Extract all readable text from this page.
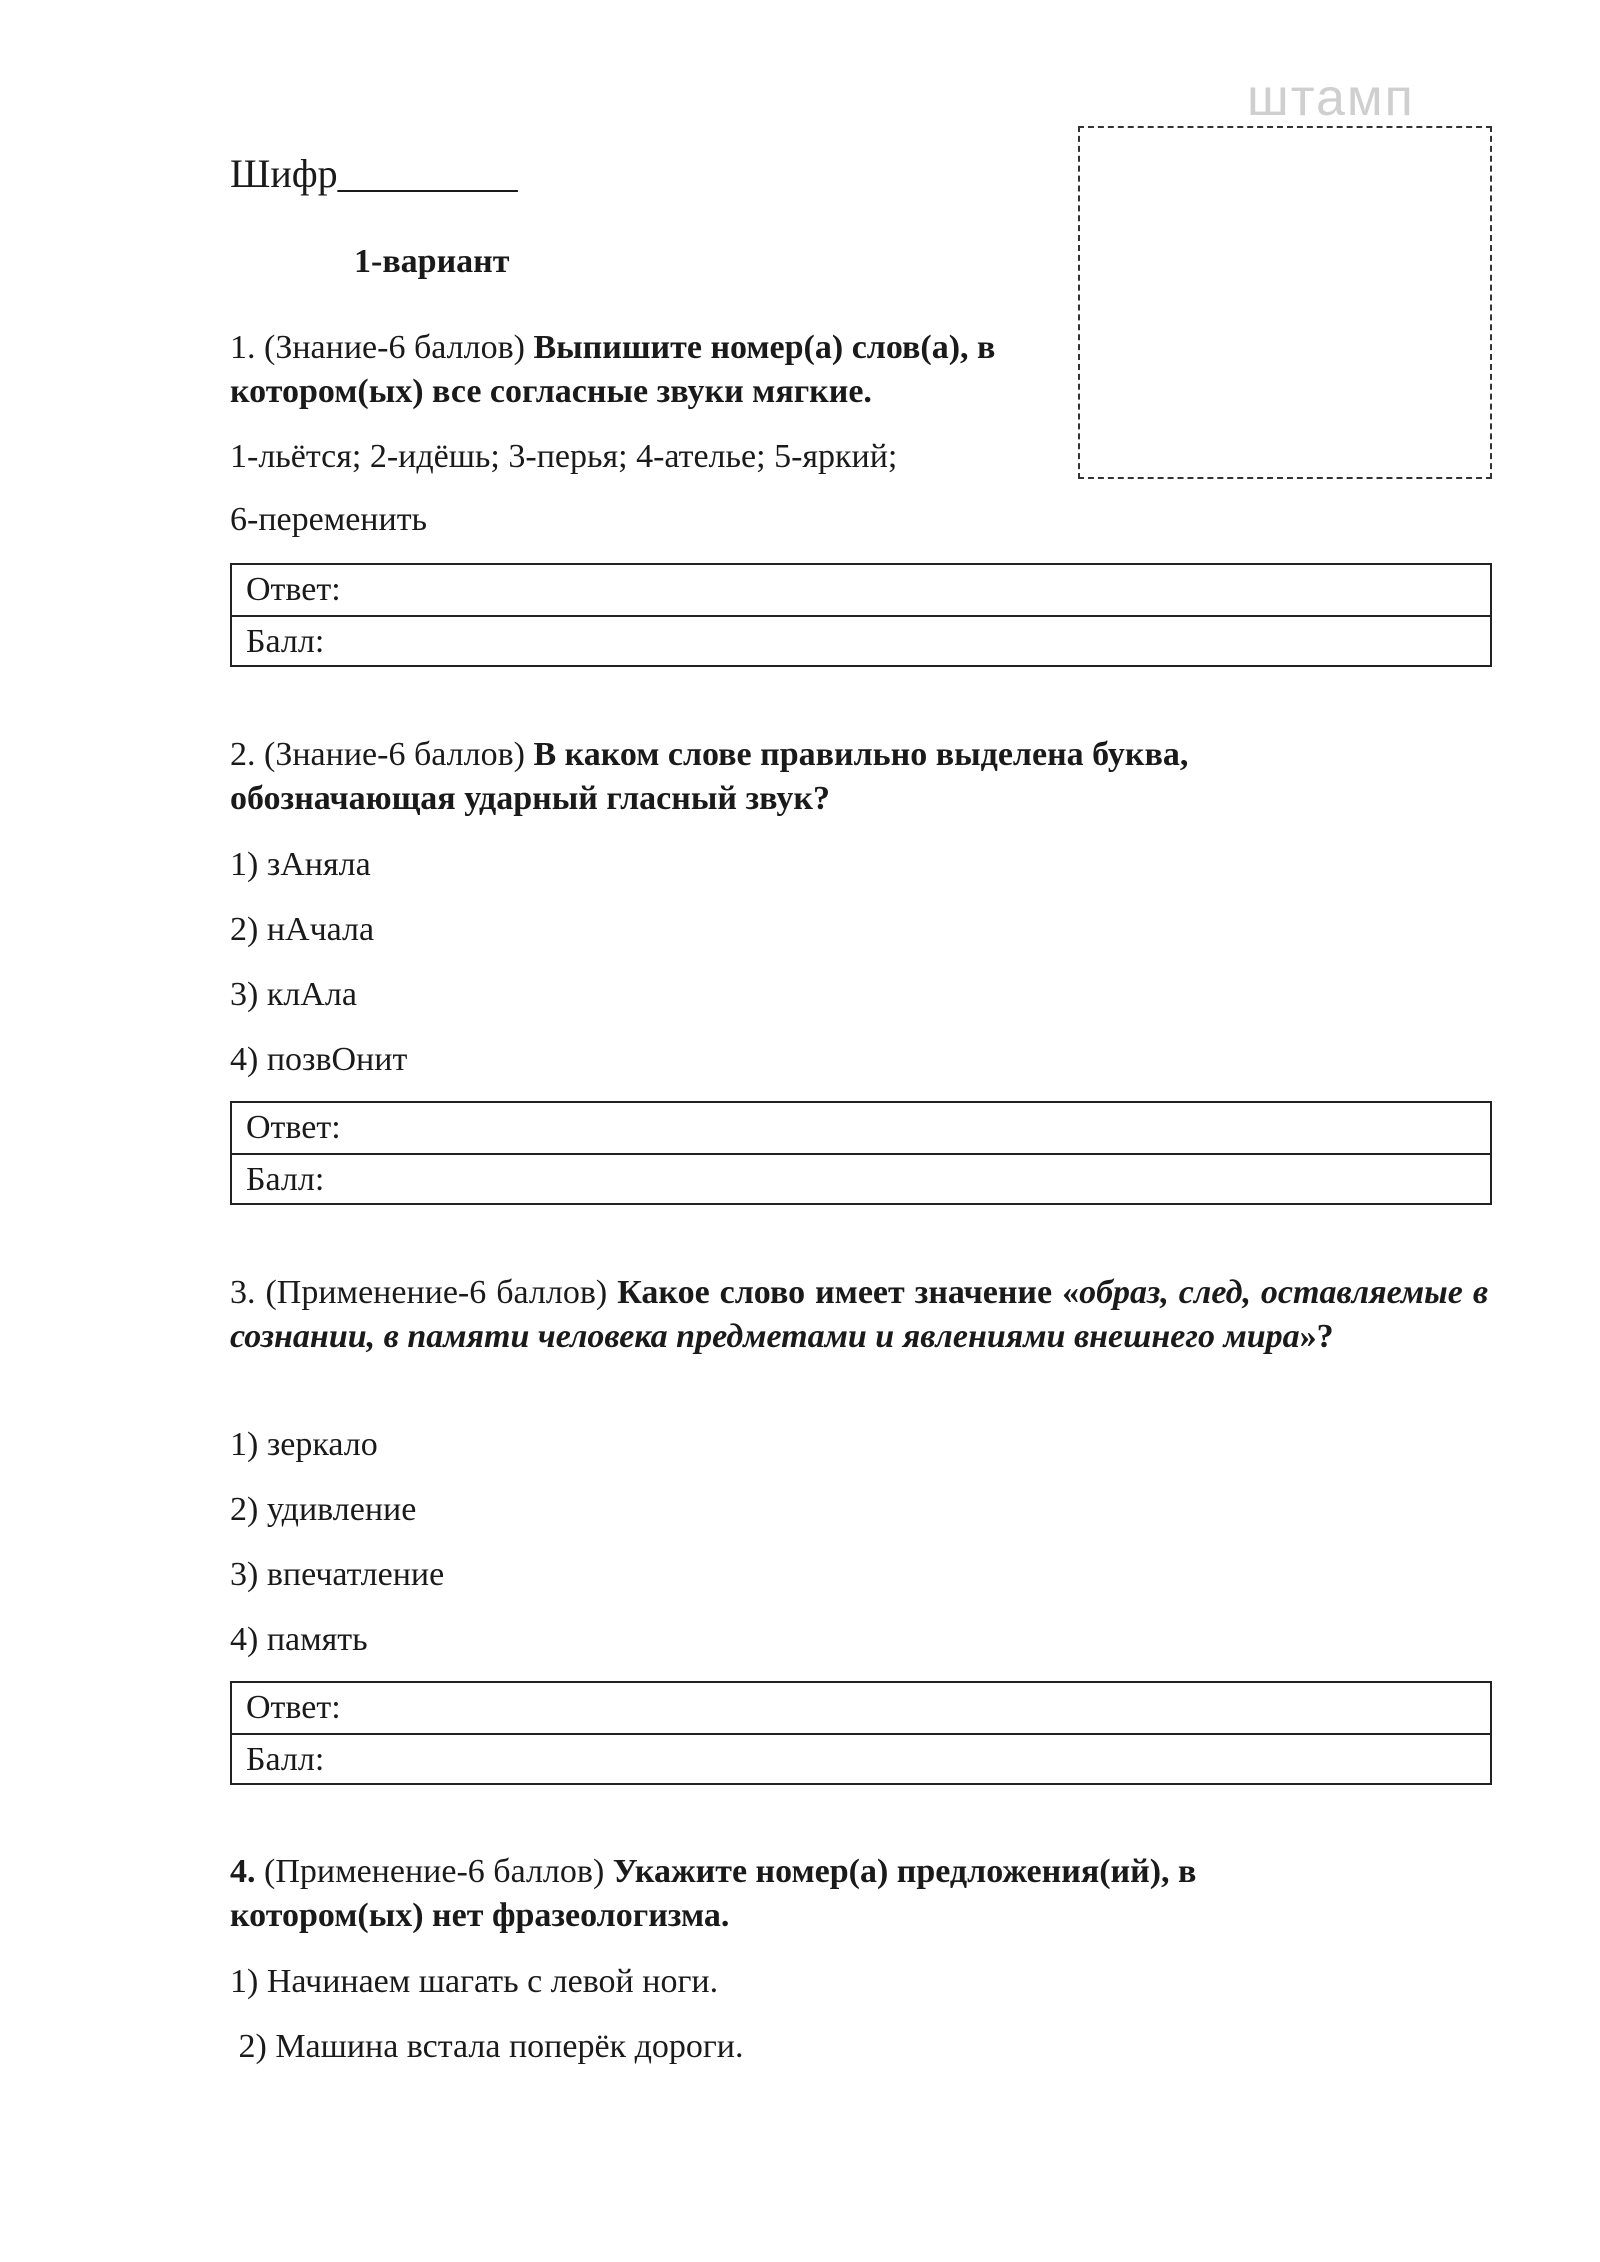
штамп
Шифр_________
1-вариант

1. (Знание-6 баллов) Выпишите номер(а) слов(а), в котором(ых) все согласные звуки мягкие.

1-льётся; 2-идёшь; 3-перья; 4-ателье; 5-яркий;
6-переменить
Ответ:
Балл:

2. (Знание-6 баллов) В каком слове правильно выделена буква, обозначающая ударный гласный звук?

1) зАняла
2) нАчала
3) клАла
4) позвОнит
Ответ:
Балл:

3. (Применение-6 баллов) Какое слово имеет значение «образ, след, оставляемые в сознании, в памяти человека предметами и явлениями внешнего мира»?

1) зеркало
2) удивление
3) впечатление
4) память
Ответ:
Балл:

4. (Применение-6 баллов) Укажите номер(а) предложения(ий), в котором(ых) нет фразеологизма.

1) Начинаем шагать с левой ноги.
2) Машина встала поперёк дороги.
